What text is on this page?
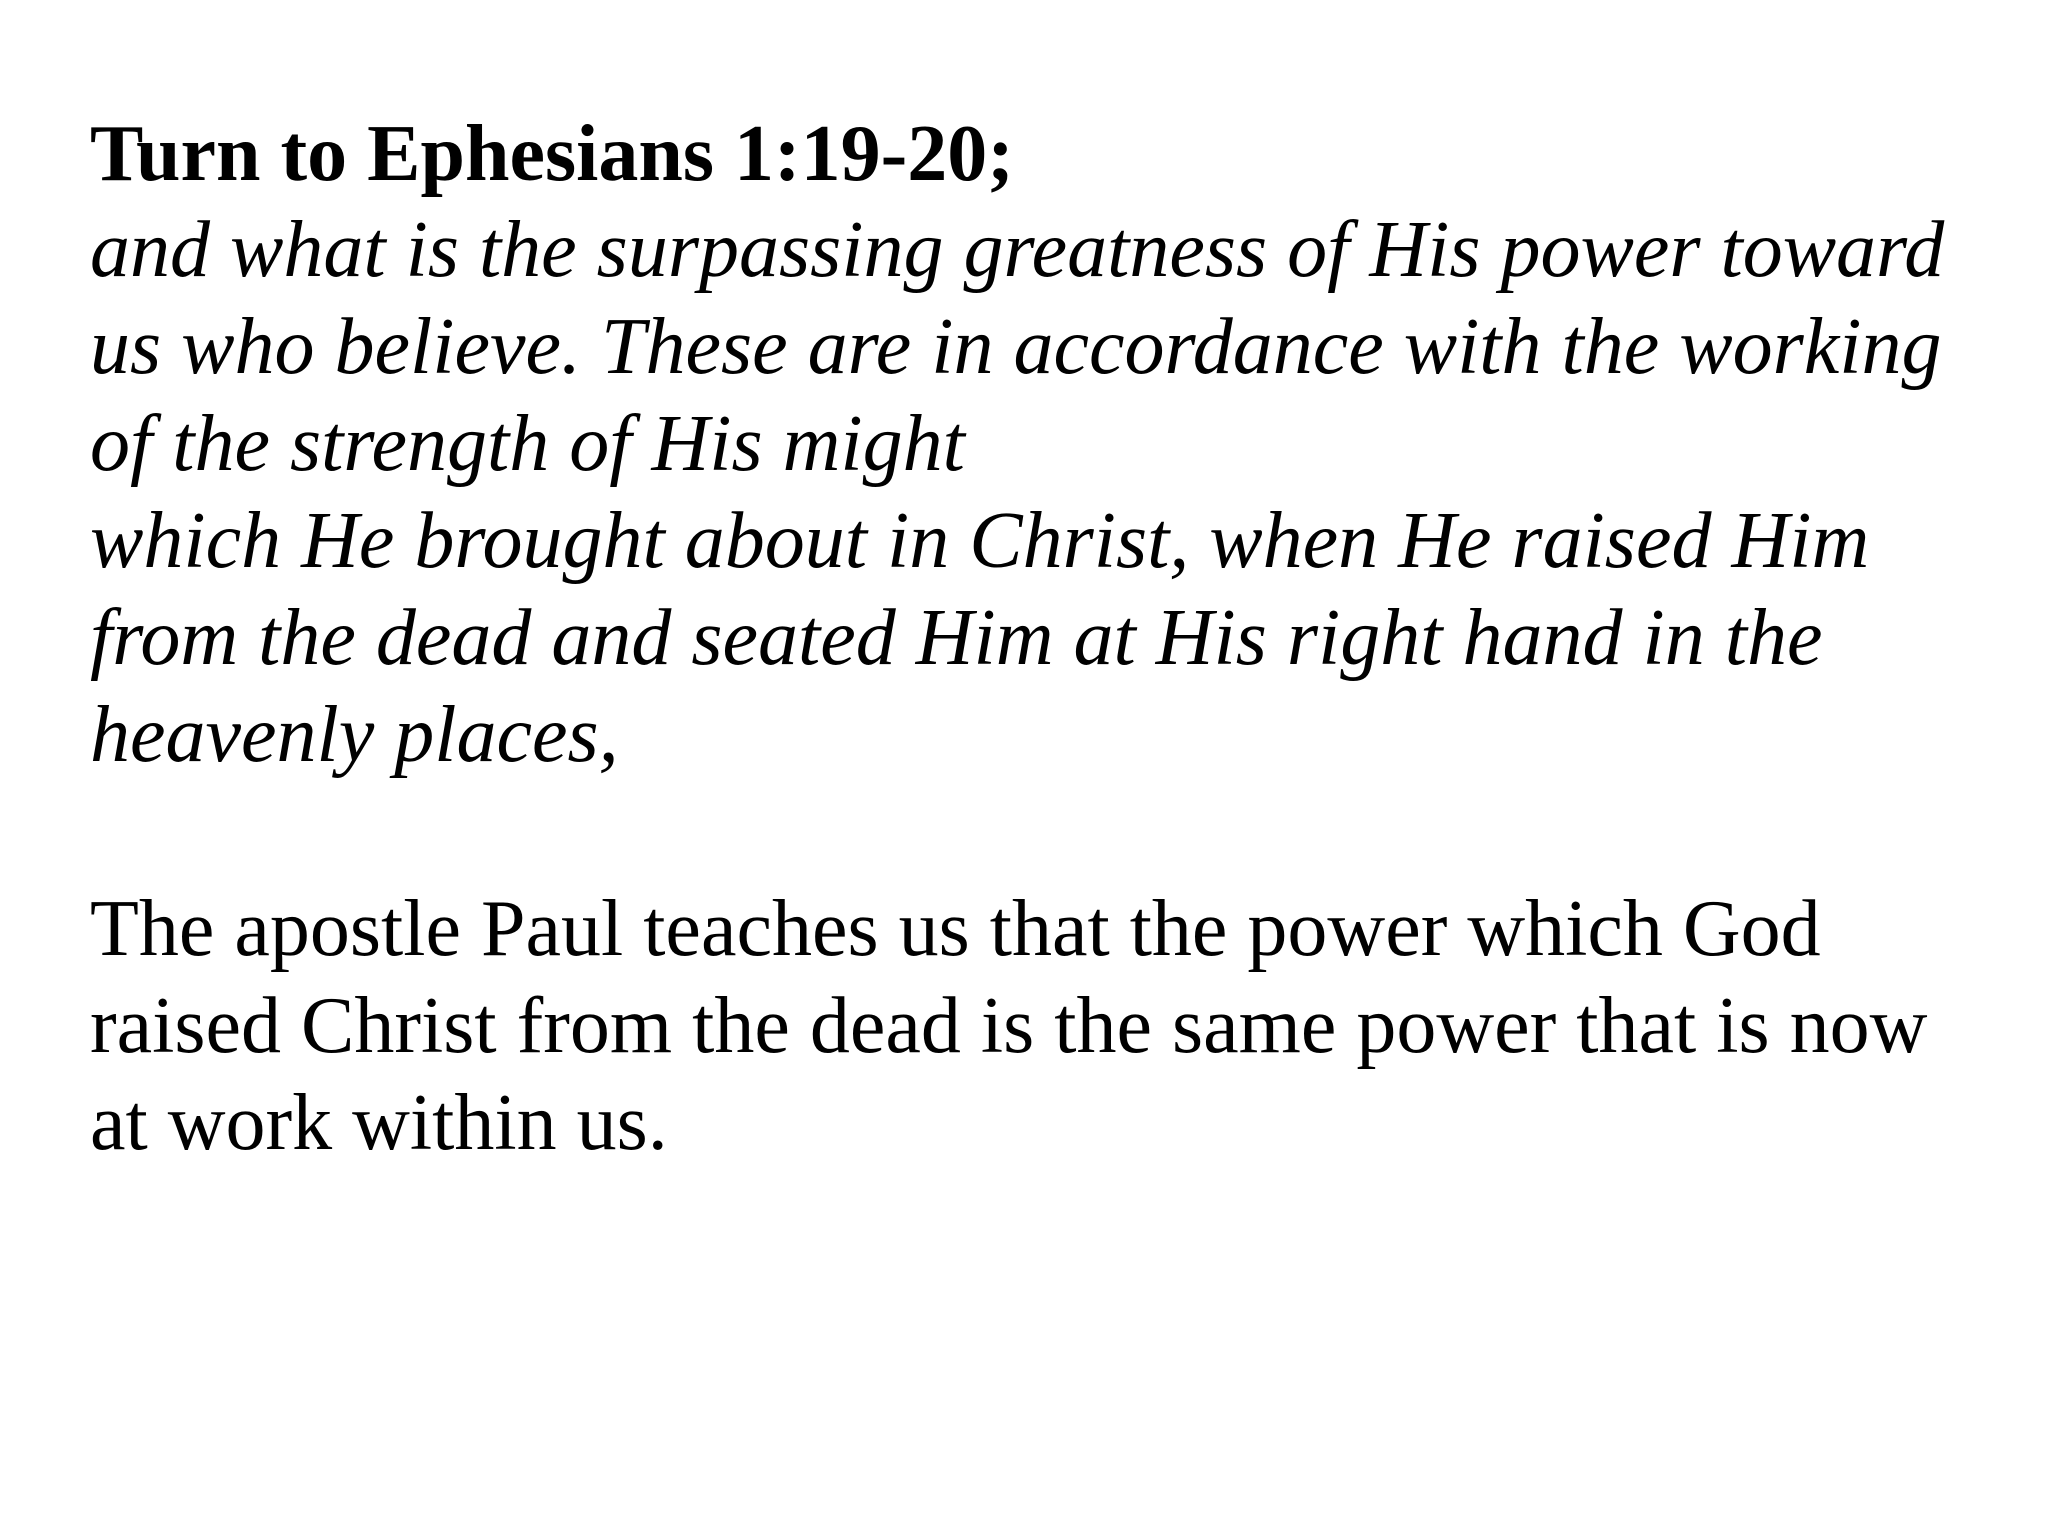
Turn to Ephesians 1:19-20;

and what is the surpassing greatness of His power toward
us who believe. These are in accordance with the working
of the strength of His might
which He brought about in Christ, when He raised Him
from the dead and seated Him at His right hand in the
heavenly places,

The apostle Paul teaches us that the power which God
raised Christ from the dead is the same power that is now
at work within us.
